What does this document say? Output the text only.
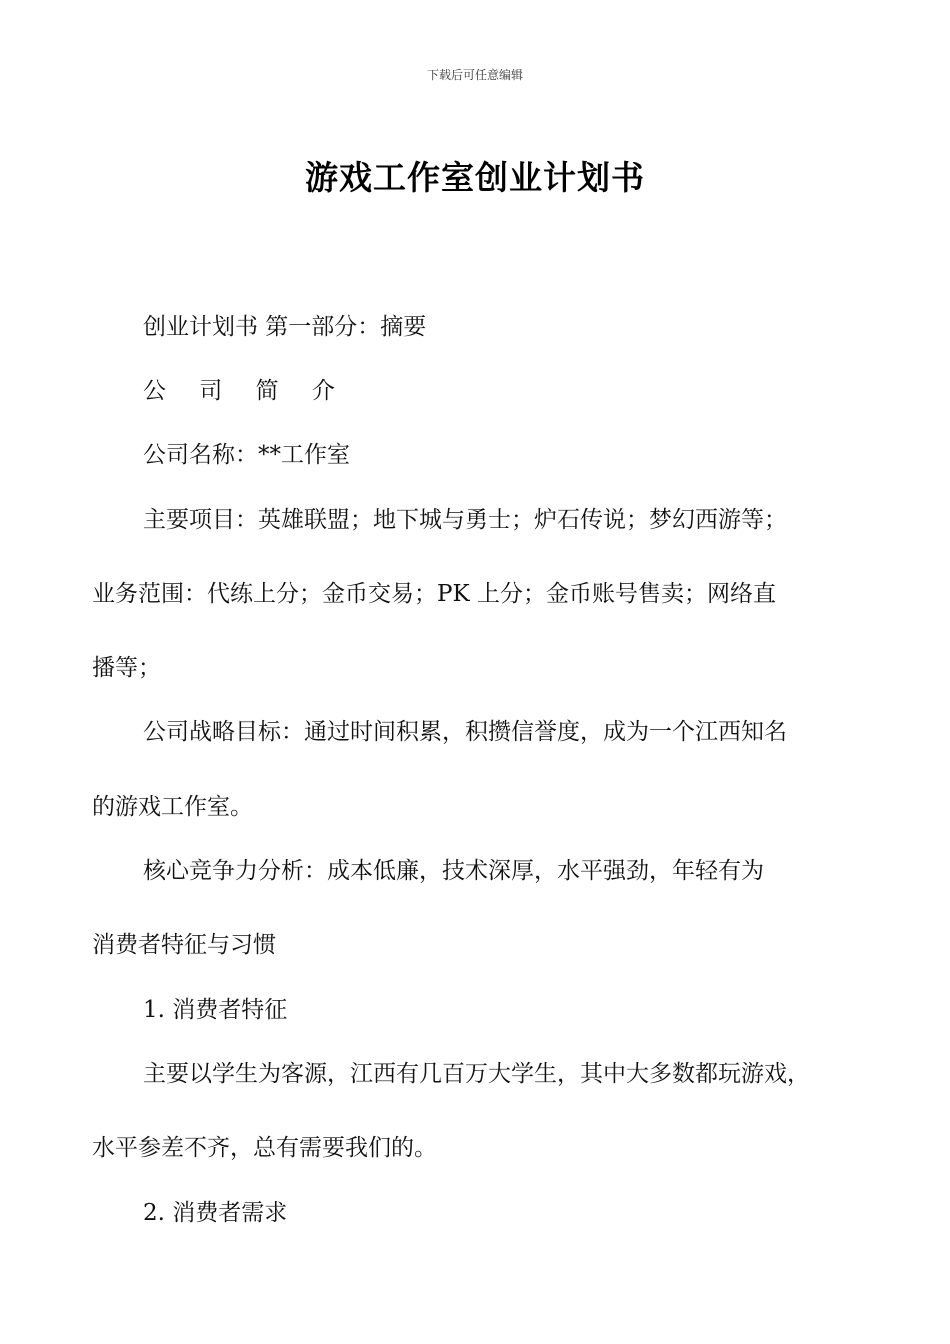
下载后可任意编辑
游戏工作室创业计划书
创业计划书 第一部分：摘要
公 司 简 介
公司名称：**工作室
主要项目：英雄联盟；地下城与勇士；炉石传说；梦幻西游等；
业务范围：代练上分；金币交易；PK 上分；金币账号售卖；网络直
播等；
公司战略目标：通过时间积累，积攒信誉度，成为一个江西知名
的游戏工作室。
核心竞争力分析：成本低廉，技术深厚，水平强劲，年轻有为
消费者特征与习惯
1. 消费者特征
主要以学生为客源，江西有几百万大学生，其中大多数都玩游戏，
水平参差不齐，总有需要我们的。
2. 消费者需求
